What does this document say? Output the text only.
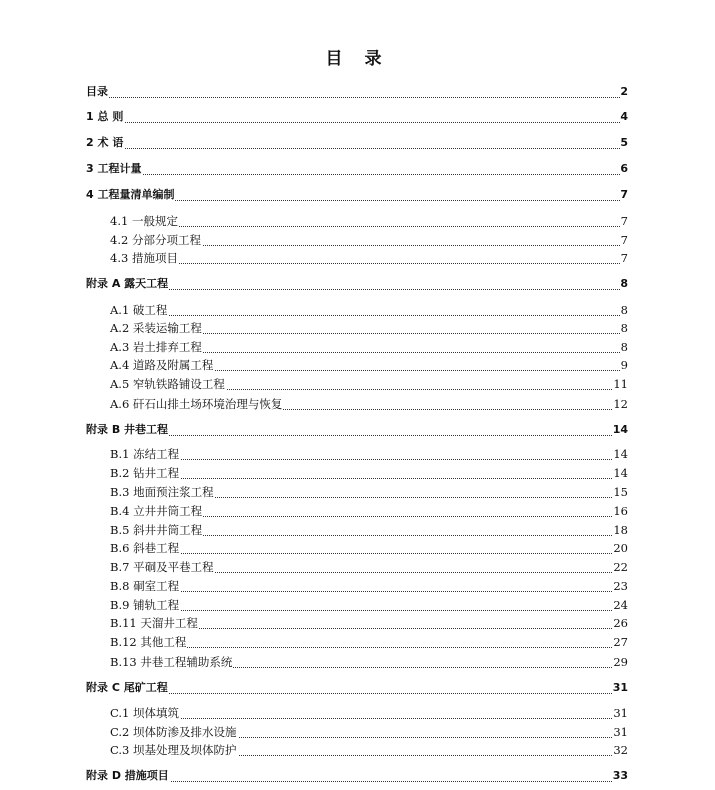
目 录
目录	2
1 总 则	4
2 术 语	5
3 工程计量	6
4 工程量清单编制	7
4.1 一般规定	7
4.2 分部分项工程	7
4.3 措施项目	7
附录 A 露天工程	8
A.1 破工程	8
A.2 采装运输工程	8
A.3 岩土排弃工程	8
A.4 道路及附属工程	9
A.5 窄轨铁路铺设工程	11
A.6 矸石山排土场环境治理与恢复	12
附录 B 井巷工程	14
B.1 冻结工程	14
B.2 钻井工程	14
B.3 地面预注浆工程	15
B.4 立井井筒工程	16
B.5 斜井井筒工程	18
B.6 斜巷工程	20
B.7 平硐及平巷工程	22
B.8 硐室工程	23
B.9 铺轨工程	24
B.11 天溜井工程	26
B.12 其他工程	27
B.13 井巷工程辅助系统	29
附录 C 尾矿工程	31
C.1 坝体填筑	31
C.2 坝体防渗及排水设施	31
C.3 坝基处理及坝体防护	32
附录 D 措施项目	33
